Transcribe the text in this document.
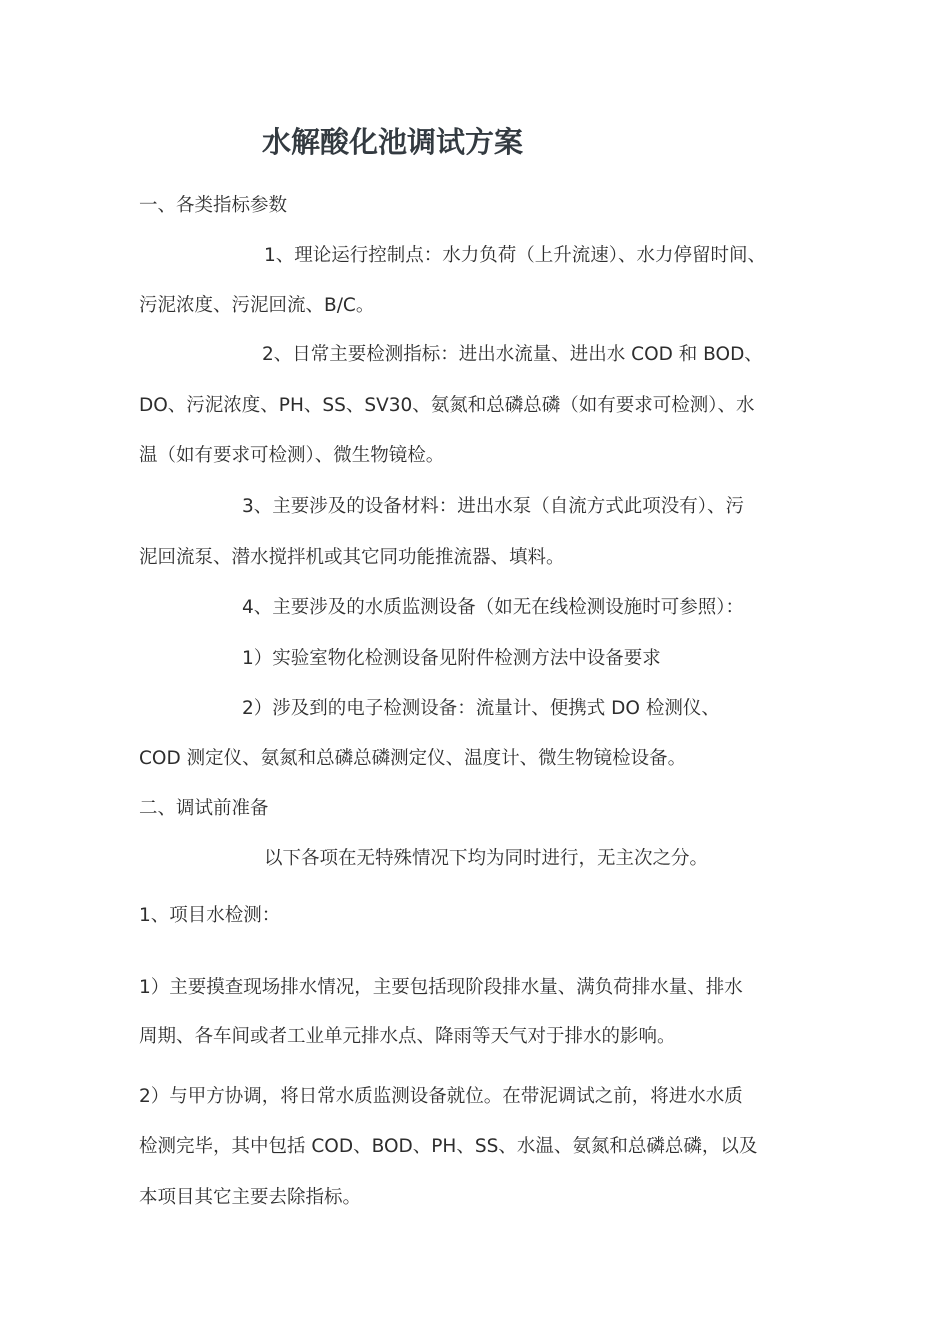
水解酸化池调试方案
一、各类指标参数
1、理论运行控制点：水力负荷（上升流速）、水力停留时间、
污泥浓度、污泥回流、B/C。
2、日常主要检测指标：进出水流量、进出水 COD 和 BOD、
DO、污泥浓度、PH、SS、SV30、氨氮和总磷总磷（如有要求可检测）、水
温（如有要求可检测）、微生物镜检。
3、主要涉及的设备材料：进出水泵（自流方式此项没有）、污
泥回流泵、潜水搅拌机或其它同功能推流器、填料。
4、主要涉及的水质监测设备（如无在线检测设施时可参照）：
1）实验室物化检测设备见附件检测方法中设备要求
2）涉及到的电子检测设备：流量计、便携式 DO 检测仪、
COD 测定仪、氨氮和总磷总磷测定仪、温度计、微生物镜检设备。
二、调试前准备
以下各项在无特殊情况下均为同时进行，无主次之分。
1、项目水检测：
1）主要摸查现场排水情况，主要包括现阶段排水量、满负荷排水量、排水
周期、各车间或者工业单元排水点、降雨等天气对于排水的影响。
2）与甲方协调，将日常水质监测设备就位。在带泥调试之前，将进水水质
检测完毕，其中包括 COD、BOD、PH、SS、水温、氨氮和总磷总磷，以及
本项目其它主要去除指标。
